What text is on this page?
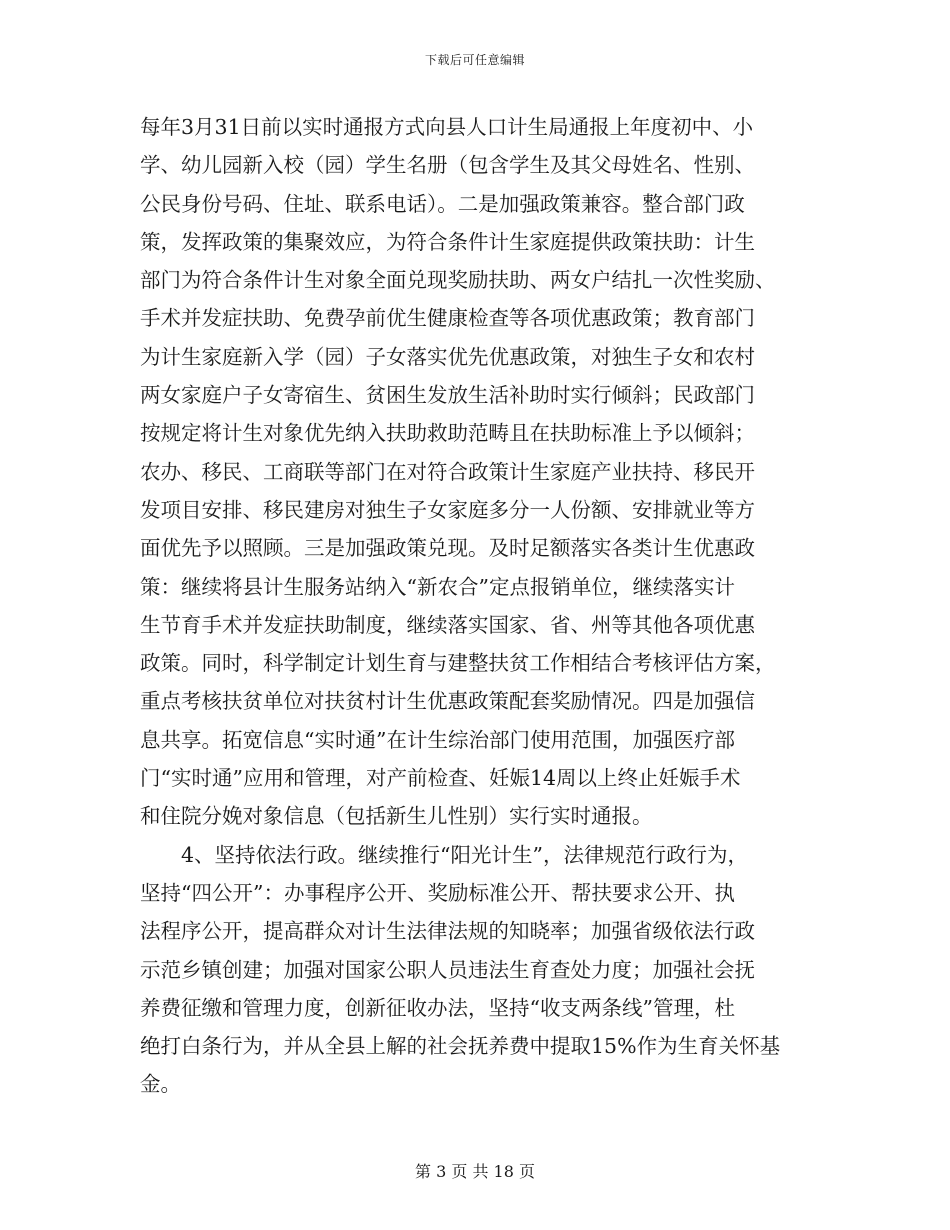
下载后可任意编辑

每年3月31日前以实时通报方式向县人口计生局通报上年度初中、小
学、幼儿园新入校（园）学生名册（包含学生及其父母姓名、性别、
公民身份号码、住址、联系电话）。二是加强政策兼容。整合部门政
策，发挥政策的集聚效应，为符合条件计生家庭提供政策扶助：计生
部门为符合条件计生对象全面兑现奖励扶助、两女户结扎一次性奖励、
手术并发症扶助、免费孕前优生健康检查等各项优惠政策；教育部门
为计生家庭新入学（园）子女落实优先优惠政策，对独生子女和农村
两女家庭户子女寄宿生、贫困生发放生活补助时实行倾斜；民政部门
按规定将计生对象优先纳入扶助救助范畴且在扶助标准上予以倾斜；
农办、移民、工商联等部门在对符合政策计生家庭产业扶持、移民开
发项目安排、移民建房对独生子女家庭多分一人份额、安排就业等方
面优先予以照顾。三是加强政策兑现。及时足额落实各类计生优惠政
策：继续将县计生服务站纳入“新农合”定点报销单位，继续落实计
生节育手术并发症扶助制度，继续落实国家、省、州等其他各项优惠
政策。同时，科学制定计划生育与建整扶贫工作相结合考核评估方案，
重点考核扶贫单位对扶贫村计生优惠政策配套奖励情况。四是加强信
息共享。拓宽信息“实时通”在计生综治部门使用范围，加强医疗部
门“实时通”应用和管理，对产前检查、妊娠14周以上终止妊娠手术
和住院分娩对象信息（包括新生儿性别）实行实时通报。

4、坚持依法行政。继续推行“阳光计生”，法律规范行政行为，
坚持“四公开”：办事程序公开、奖励标准公开、帮扶要求公开、执
法程序公开，提高群众对计生法律法规的知晓率；加强省级依法行政
示范乡镇创建；加强对国家公职人员违法生育查处力度；加强社会抚
养费征缴和管理力度，创新征收办法，坚持“收支两条线”管理，杜
绝打白条行为，并从全县上解的社会抚养费中提取15%作为生育关怀基
金。

第 3 页 共 18 页
